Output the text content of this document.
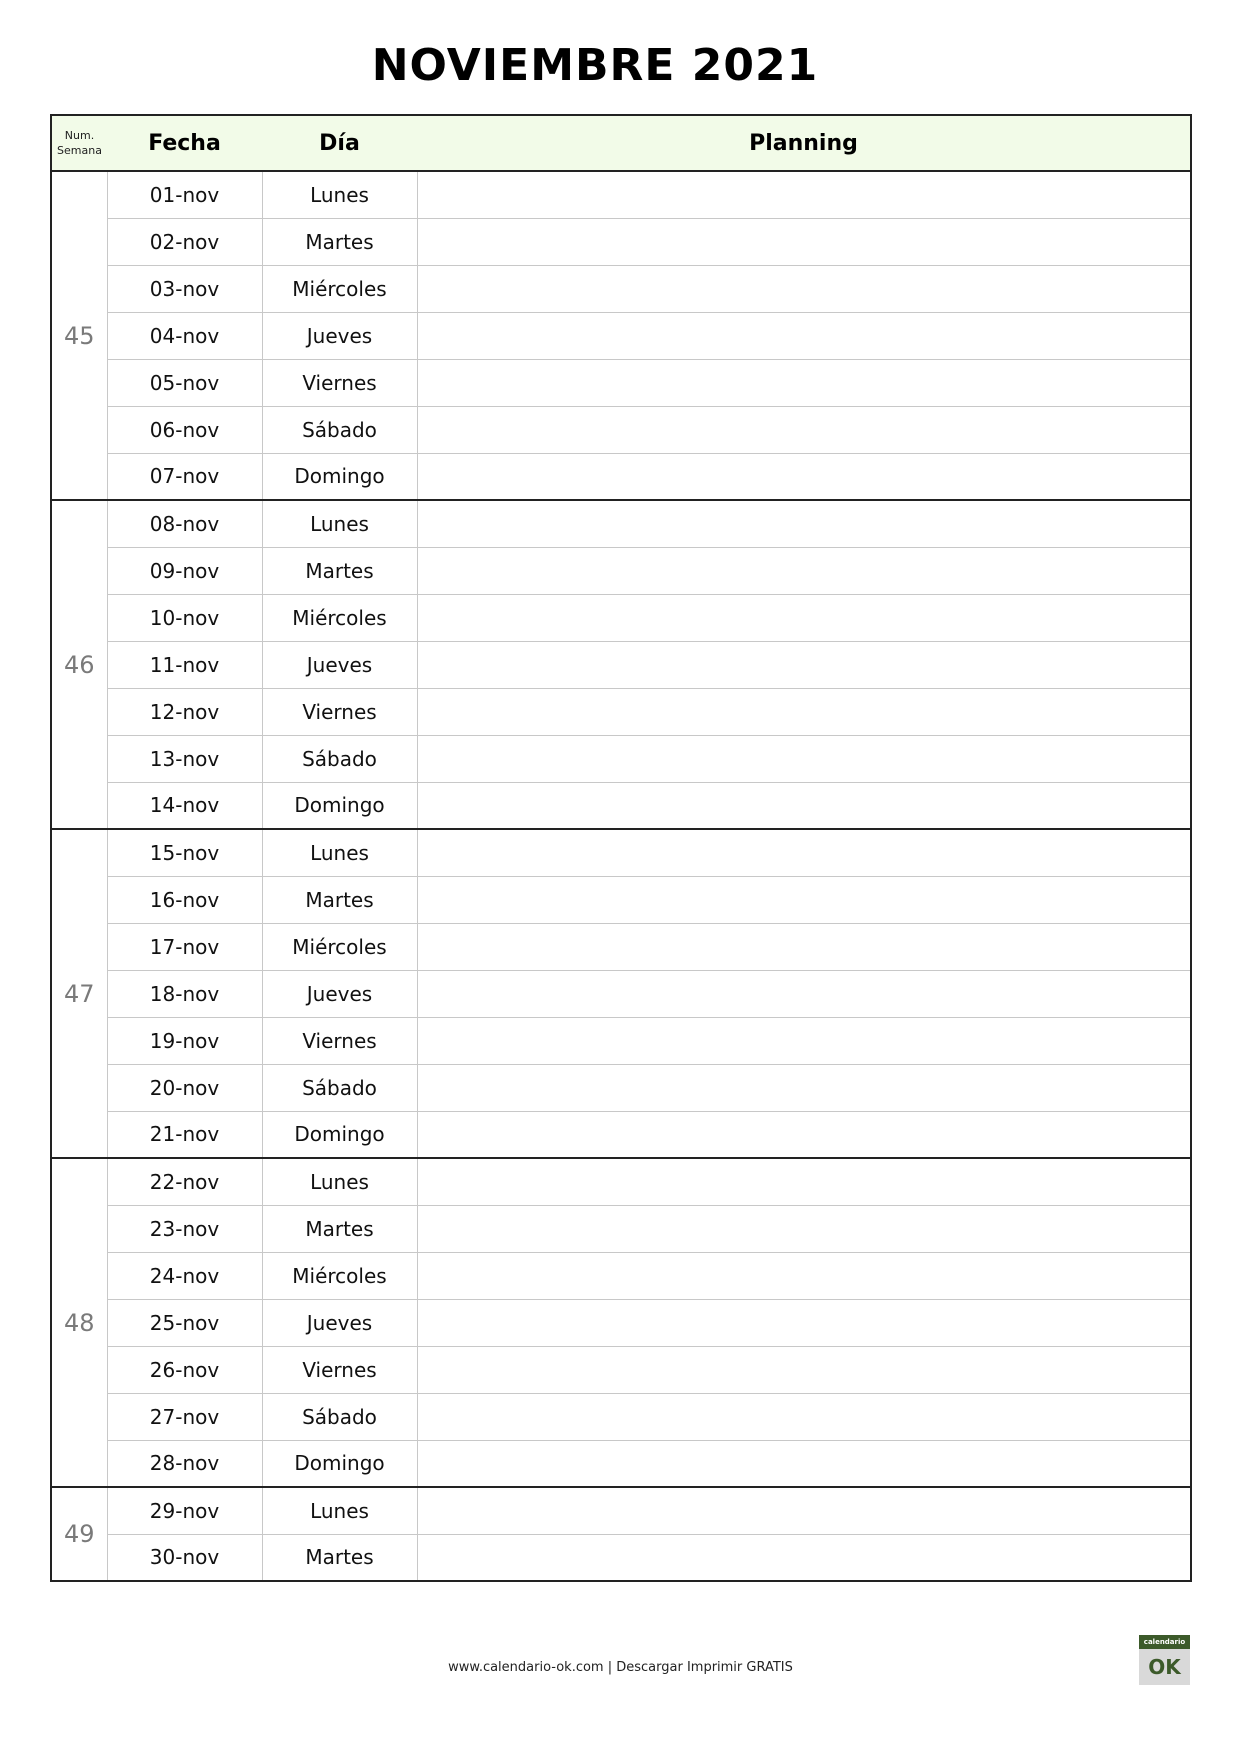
NOVIEMBRE 2021
Num.
Semana	Fecha	Día	Planning
45	01-nov	Lunes	
	02-nov	Martes	
	03-nov	Miércoles	
	04-nov	Jueves	
	05-nov	Viernes	
	06-nov	Sábado	
	07-nov	Domingo	
46	08-nov	Lunes	
	09-nov	Martes	
	10-nov	Miércoles	
	11-nov	Jueves	
	12-nov	Viernes	
	13-nov	Sábado	
	14-nov	Domingo	
47	15-nov	Lunes	
	16-nov	Martes	
	17-nov	Miércoles	
	18-nov	Jueves	
	19-nov	Viernes	
	20-nov	Sábado	
	21-nov	Domingo	
48	22-nov	Lunes	
	23-nov	Martes	
	24-nov	Miércoles	
	25-nov	Jueves	
	26-nov	Viernes	
	27-nov	Sábado	
	28-nov	Domingo	
49	29-nov	Lunes	
	30-nov	Martes	
www.calendario-ok.com | Descargar Imprimir GRATIS
calendario
OK
